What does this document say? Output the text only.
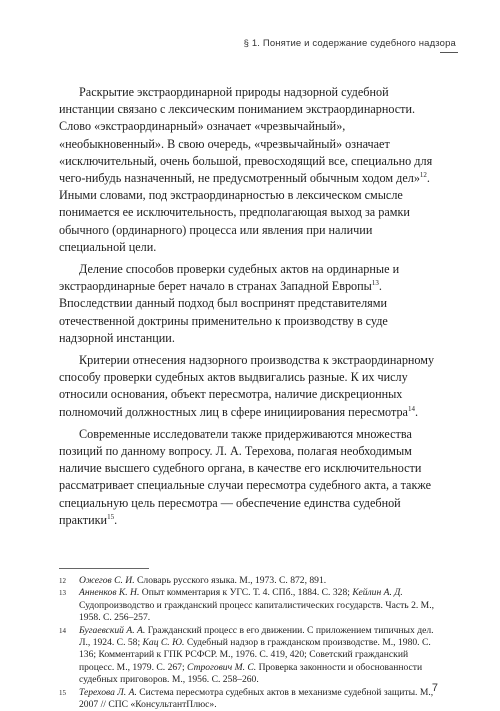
§ 1. Понятие и содержание судебного надзора

Раскрытие экстраординарной природы надзорной судебной инстанции связано с лексическим пониманием экстраординарности. Слово «экстраординарный» означает «чрезвычайный», «необыкновенный». В свою очередь, «чрезвычайный» означает «исключительный, очень большой, превосходящий все, специально для чего-нибудь назначенный, не предусмотренный обычным ходом дел»$^{12}$. Иными словами, под экстраординарностью в лексическом смысле понимается ее исключительность, предполагающая выход за рамки обычного (ординарного) процесса или явления при наличии специальной цели.

Деление способов проверки судебных актов на ординарные и экстраординарные берет начало в странах Западной Европы$^{13}$. Впоследствии данный подход был воспринят представителями отечественной доктрины применительно к производству в суде надзорной инстанции.

Критерии отнесения надзорного производства к экстраординарному способу проверки судебных актов выдвигались разные. К их числу относили основания, объект пересмотра, наличие дискреционных полномочий должностных лиц в сфере инициирования пересмотра$^{14}$.

Современные исследователи также придерживаются множества позиций по данному вопросу. Л. А. Терехова, полагая необходимым наличие высшего судебного органа, в качестве его исключительности рассматривает специальные случаи пересмотра судебного акта, а также специальную цель пересмотра — обеспечение единства судебной практики$^{15}$.

12	Ожегов С. И. Словарь русского языка. М., 1973. С. 872, 891.
13	Анненков К. Н. Опыт комментария к УГС. Т. 4. СПб., 1884. С. 328; Кейлин А. Д. Судопроизводство и гражданский процесс капиталистических государств. Часть 2. М., 1958. С. 256–257.
14	Бугаевский А. А. Гражданский процесс в его движении. С приложением типичных дел. Л., 1924. С. 58; Кац С. Ю. Судебный надзор в гражданском производстве. М., 1980. С. 136; Комментарий к ГПК РСФСР. М., 1976. С. 419, 420; Советский гражданский процесс. М., 1979. С. 267; Строгович М. С. Проверка законности и обоснованности судебных приговоров. М., 1956. С. 258–260.
15	Терехова Л. А. Система пересмотра судебных актов в механизме судебной защиты. М., 2007 // СПС «КонсультантПлюс».
7
